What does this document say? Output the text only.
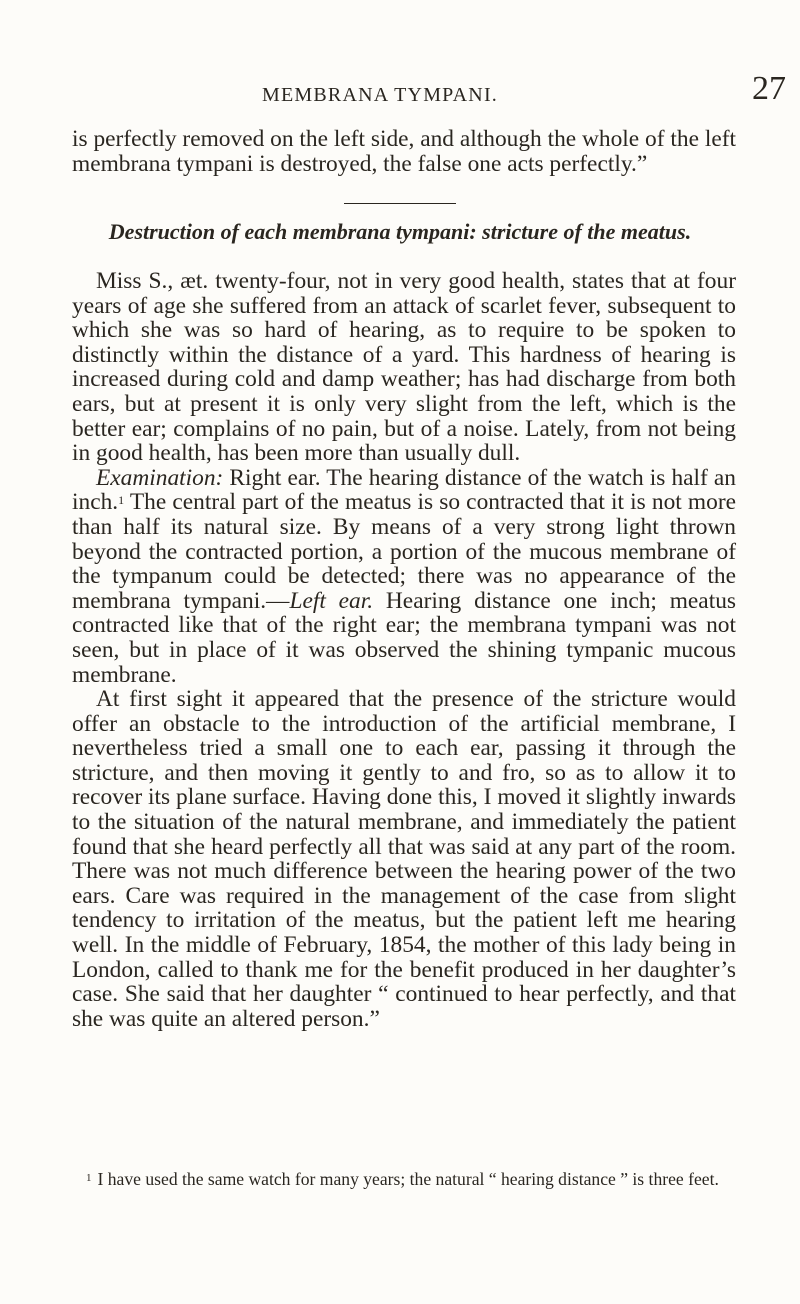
MEMBRANA TYMPANI.	27

is perfectly removed on the left side, and although the whole of the left membrana tympani is destroyed, the false one acts perfectly.”

Destruction of each membrana tympani: stricture of the meatus.

Miss S., æt. twenty-four, not in very good health, states that at four years of age she suffered from an attack of scarlet fever, subsequent to which she was so hard of hearing, as to require to be spoken to distinctly within the distance of a yard. This hardness of hearing is increased during cold and damp weather; has had discharge from both ears, but at present it is only very slight from the left, which is the better ear; complains of no pain, but of a noise. Lately, from not being in good health, has been more than usually dull.

Examination: Right ear. The hearing distance of the watch is half an inch.$^1$ The central part of the meatus is so contracted that it is not more than half its natural size. By means of a very strong light thrown beyond the contracted portion, a portion of the mucous membrane of the tympanum could be detected; there was no appearance of the membrana tympani.—Left ear. Hearing distance one inch; meatus contracted like that of the right ear; the membrana tympani was not seen, but in place of it was observed the shining tympanic mucous membrane.

At first sight it appeared that the presence of the stricture would offer an obstacle to the introduction of the artificial membrane, I nevertheless tried a small one to each ear, passing it through the stricture, and then moving it gently to and fro, so as to allow it to recover its plane surface. Having done this, I moved it slightly inwards to the situation of the natural membrane, and immediately the patient found that she heard perfectly all that was said at any part of the room. There was not much difference between the hearing power of the two ears. Care was required in the management of the case from slight tendency to irritation of the meatus, but the patient left me hearing well. In the middle of February, 1854, the mother of this lady being in London, called to thank me for the benefit produced in her daughter’s case. She said that her daughter “ continued to hear perfectly, and that she was quite an altered person.”

$^1$ I have used the same watch for many years; the natural “ hearing distance ” is three feet.
